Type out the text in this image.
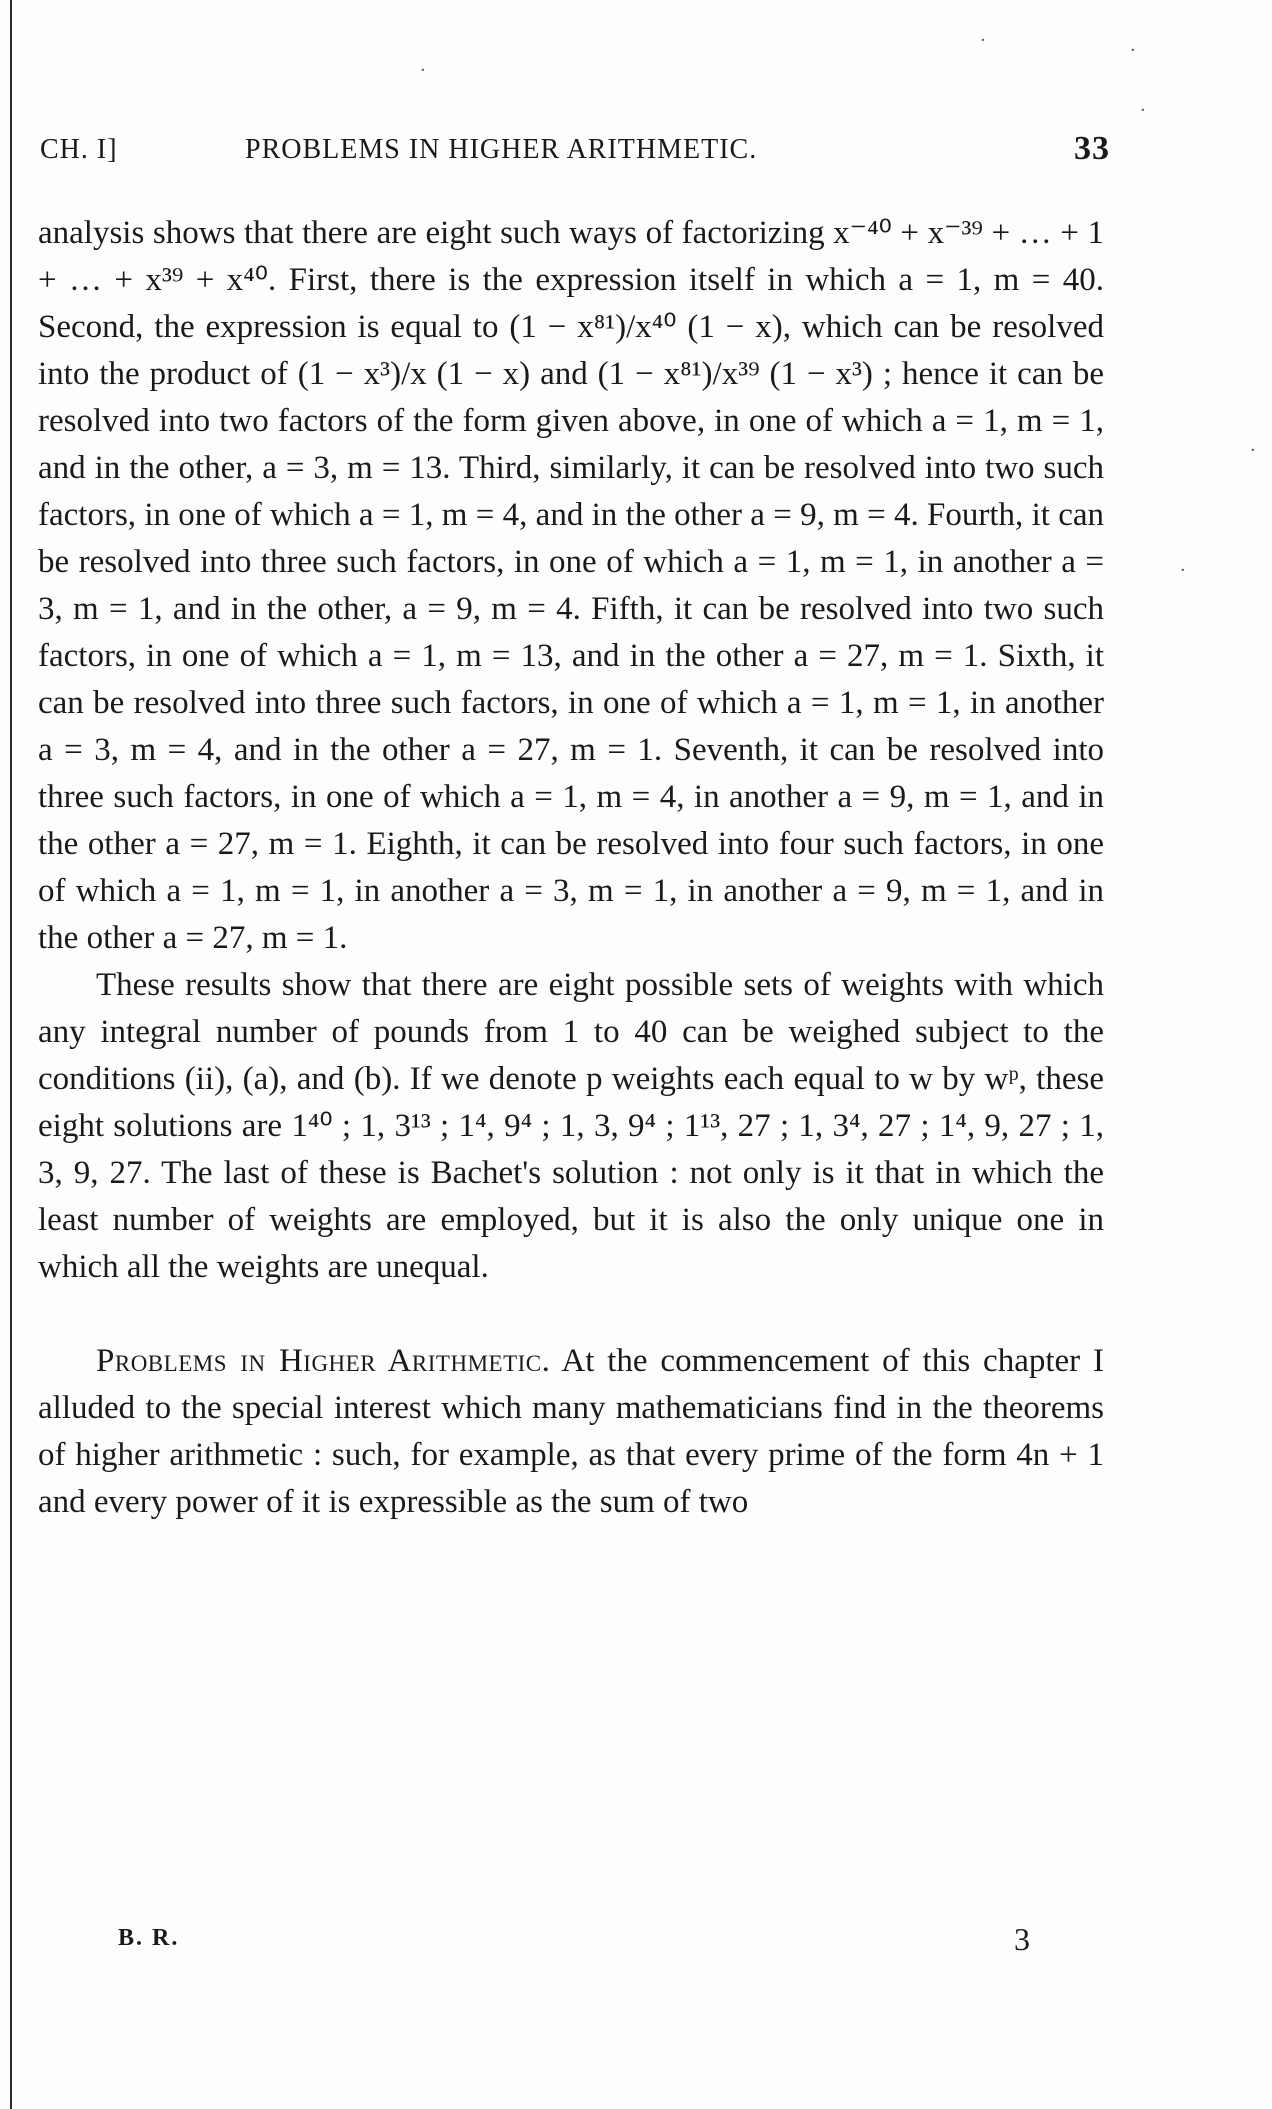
CH. I]	PROBLEMS IN HIGHER ARITHMETIC.	33

analysis shows that there are eight such ways of factorizing x⁻⁴⁰ + x⁻³⁹ + … + 1 + … + x³⁹ + x⁴⁰. First, there is the expression itself in which a = 1, m = 40. Second, the expression is equal to (1 − x⁸¹)/x⁴⁰ (1 − x), which can be resolved into the product of (1 − x³)/x (1 − x) and (1 − x⁸¹)/x³⁹ (1 − x³) ; hence it can be resolved into two factors of the form given above, in one of which a = 1, m = 1, and in the other, a = 3, m = 13. Third, similarly, it can be resolved into two such factors, in one of which a = 1, m = 4, and in the other a = 9, m = 4. Fourth, it can be resolved into three such factors, in one of which a = 1, m = 1, in another a = 3, m = 1, and in the other, a = 9, m = 4. Fifth, it can be resolved into two such factors, in one of which a = 1, m = 13, and in the other a = 27, m = 1. Sixth, it can be resolved into three such factors, in one of which a = 1, m = 1, in another a = 3, m = 4, and in the other a = 27, m = 1. Seventh, it can be resolved into three such factors, in one of which a = 1, m = 4, in another a = 9, m = 1, and in the other a = 27, m = 1. Eighth, it can be resolved into four such factors, in one of which a = 1, m = 1, in another a = 3, m = 1, in another a = 9, m = 1, and in the other a = 27, m = 1.

These results show that there are eight possible sets of weights with which any integral number of pounds from 1 to 40 can be weighed subject to the conditions (ii), (a), and (b). If we denote p weights each equal to w by wᵖ, these eight solutions are 1⁴⁰ ; 1, 3¹³ ; 1⁴, 9⁴ ; 1, 3, 9⁴ ; 1¹³, 27 ; 1, 3⁴, 27 ; 1⁴, 9, 27 ; 1, 3, 9, 27. The last of these is Bachet's solution : not only is it that in which the least number of weights are employed, but it is also the only unique one in which all the weights are unequal.

Problems in Higher Arithmetic. At the commencement of this chapter I alluded to the special interest which many mathematicians find in the theorems of higher arithmetic : such, for example, as that every prime of the form 4n + 1 and every power of it is expressible as the sum of two

B. R.	3
·	·
·
·
·
·
